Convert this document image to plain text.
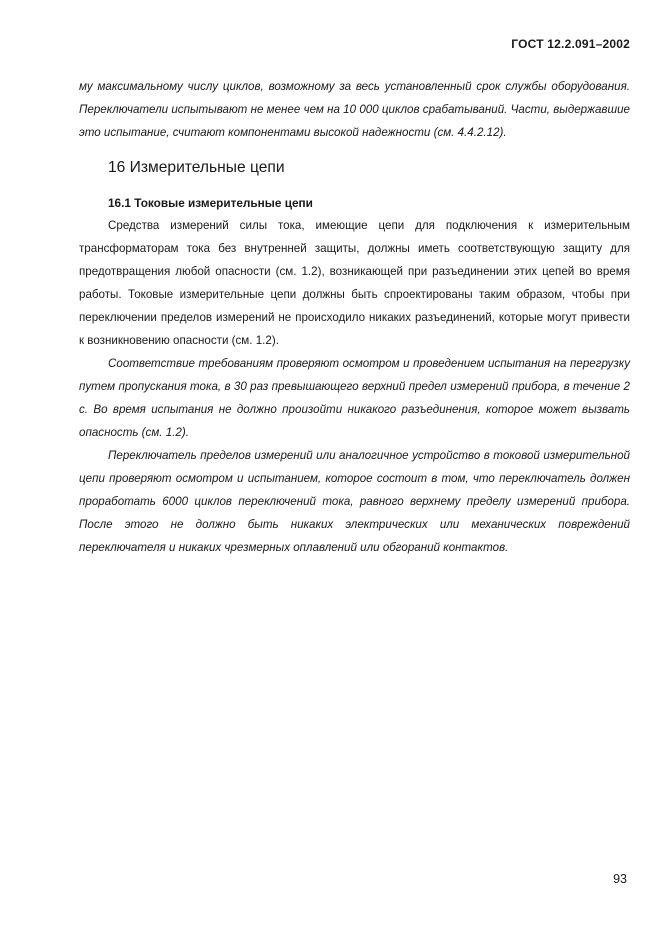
ГОСТ 12.2.091–2002

му максимальному числу циклов, возможному за весь установленный срок службы оборудования. Переключатели испытывают не менее чем на 10 000 циклов срабатываний. Части, выдержавшие это испытание, считают компонентами высокой надежности (см. 4.4.2.12).

16 Измерительные цепи
16.1 Токовые измерительные цепи

Средства измерений силы тока, имеющие цепи для подключения к измерительным трансформаторам тока без внутренней защиты, должны иметь соответствующую защиту для предотвращения любой опасности (см. 1.2), возникающей при разъединении этих цепей во время работы. Токовые измерительные цепи должны быть спроектированы таким образом, чтобы при переключении пределов измерений не происходило никаких разъединений, которые могут привести к возникновению опасности (см. 1.2).

Соответствие требованиям проверяют осмотром и проведением испытания на перегрузку путем пропускания тока, в 30 раз превышающего верхний предел измерений прибора, в течение 2 с. Во время испытания не должно произойти никакого разъединения, которое может вызвать опасность (см. 1.2).

Переключатель пределов измерений или аналогичное устройство в токовой измерительной цепи проверяют осмотром и испытанием, которое состоит в том, что переключатель должен проработать 6000 циклов переключений тока, равного верхнему пределу измерений прибора. После этого не должно быть никаких электрических или механических повреждений переключателя и никаких чрезмерных оплавлений или обгораний контактов.

93
